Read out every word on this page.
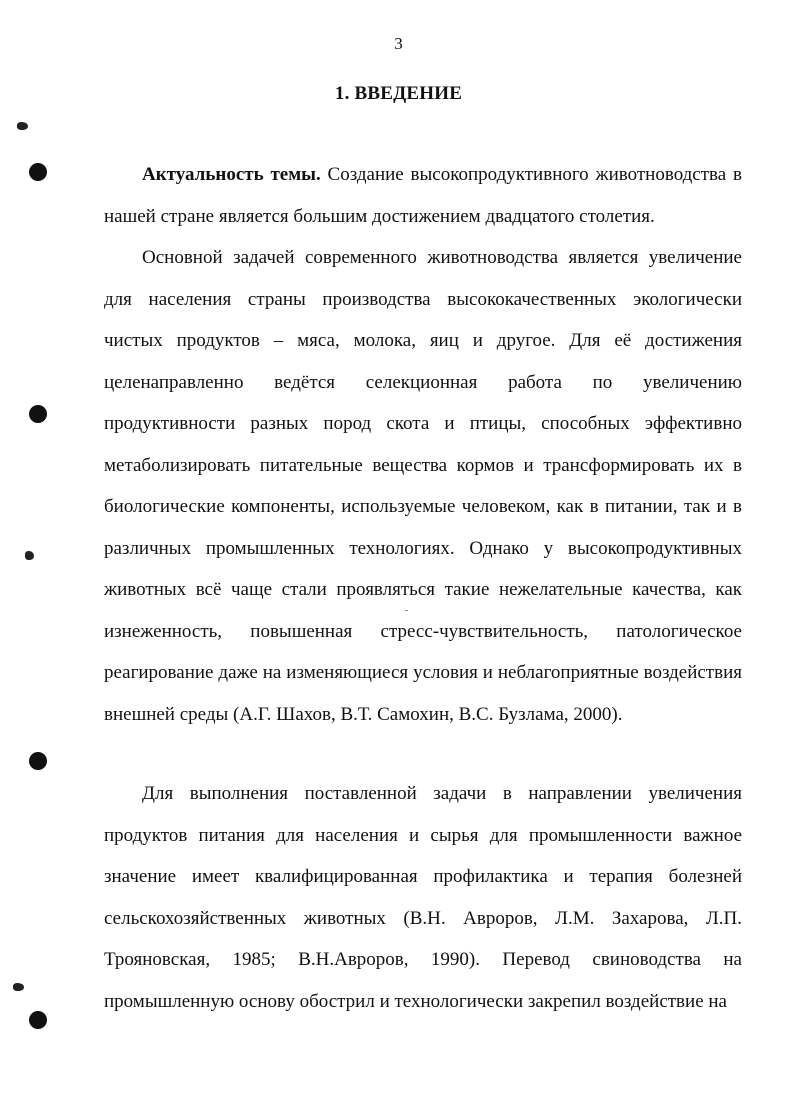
3
1. ВВЕДЕНИЕ

Актуальность темы. Создание высокопродуктивного животноводства в нашей стране является большим достижением двадцатого столетия.

Основной задачей современного животноводства является увеличение для населения страны производства высококачественных экологически чистых продуктов – мяса, молока, яиц и другое. Для её достижения целенаправленно ведётся селекционная работа по увеличению продуктивности разных пород скота и птицы, способных эффективно метаболизировать питательные вещества кормов и трансформировать их в биологические компоненты, используемые человеком, как в питании, так и в различных промышленных технологиях. Однако у высокопродуктивных животных всё чаще стали проявляться такие нежелательные качества, как изнеженность, повышенная стресс-чувствительность, патологическое реагирование даже на изменяющиеся условия и неблагоприятные воздействия внешней среды (А.Г. Шахов, В.Т. Самохин, В.С. Бузлама, 2000).

Для выполнения поставленной задачи в направлении увеличения продуктов питания для населения и сырья для промышленности важное значение имеет квалифицированная профилактика и терапия болезней сельскохозяйственных животных (В.Н. Авроров, Л.М. Захарова, Л.П. Трояновская, 1985; В.Н.Авроров, 1990). Перевод свиноводства на промышленную основу обострил и технологически закрепил воздействие на
